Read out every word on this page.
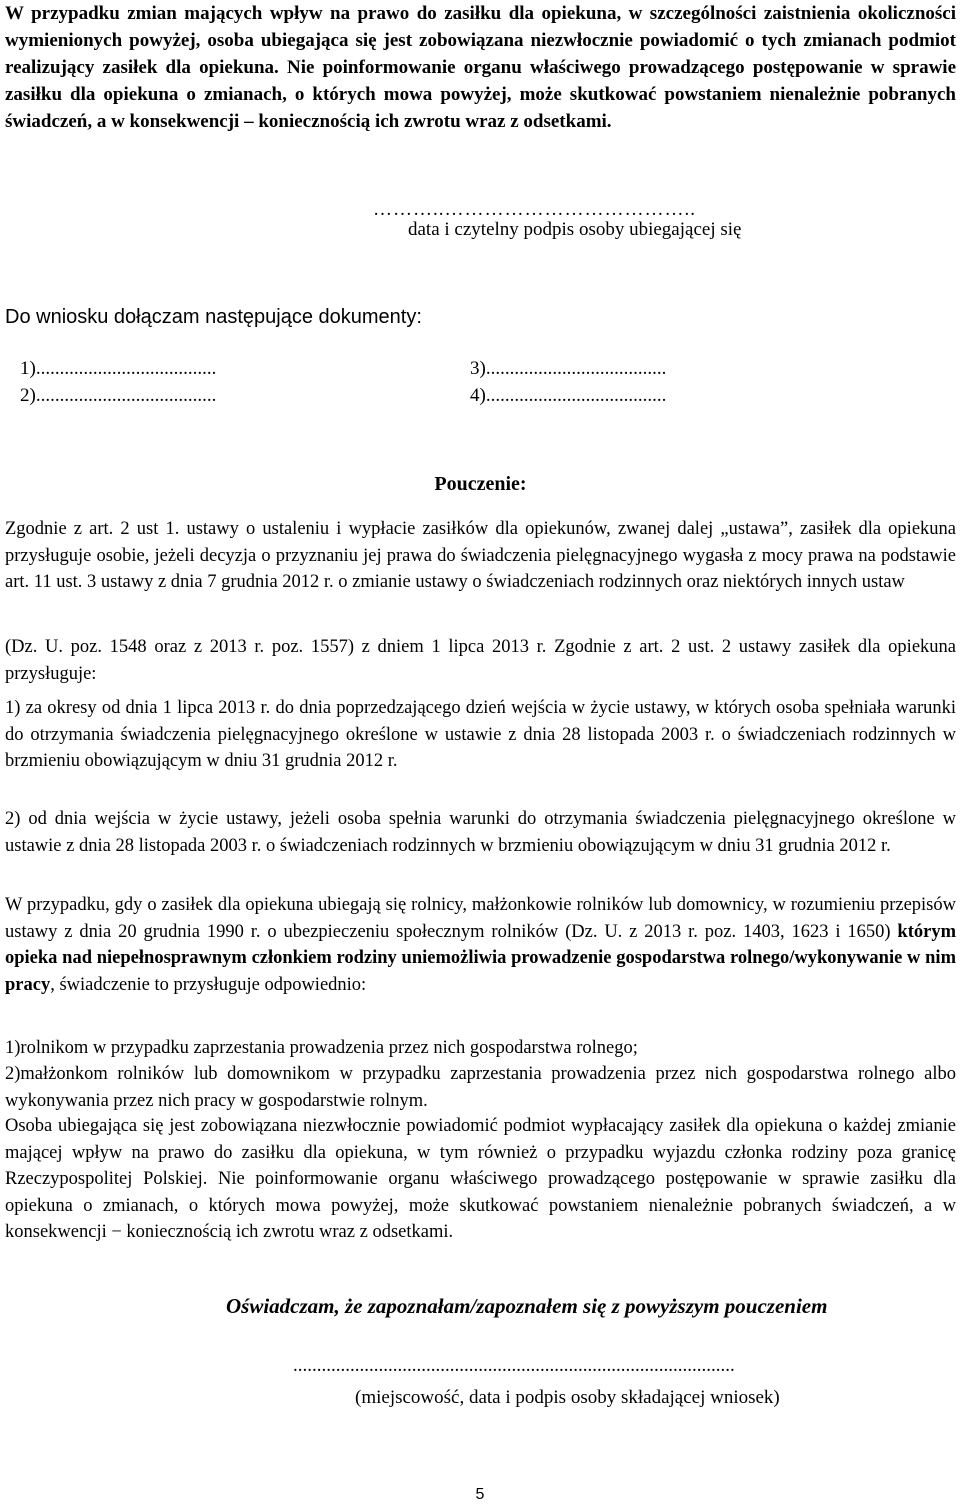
W przypadku zmian mających wpływ na prawo do zasiłku dla opiekuna, w szczególności zaistnienia okoliczności wymienionych powyżej, osoba ubiegająca się jest zobowiązana niezwłocznie powiadomić o tych zmianach podmiot realizujący zasiłek dla opiekuna. Nie poinformowanie organu właściwego prowadzącego postępowanie w sprawie zasiłku dla opiekuna o zmianach, o których mowa powyżej, może skutkować powstaniem nienależnie pobranych świadczeń, a w konsekwencji – koniecznością ich zwrotu wraz z odsetkami.

………..………………………………..
data i czytelny podpis osoby ubiegającej się
Do wniosku dołączam następujące dokumenty:
1)......................................
2)......................................
3)......................................
4)......................................
Pouczenie:

Zgodnie z art. 2 ust 1. ustawy o ustaleniu i wypłacie zasiłków dla opiekunów, zwanej dalej „ustawa”, zasiłek dla opiekuna przysługuje osobie, jeżeli decyzja o przyznaniu jej prawa do świadczenia pielęgnacyjnego wygasła z mocy prawa na podstawie art. 11 ust. 3 ustawy z dnia 7 grudnia 2012 r. o zmianie ustawy o świadczeniach rodzinnych oraz niektórych innych ustaw

(Dz. U. poz. 1548 oraz z 2013 r. poz. 1557) z dniem 1 lipca 2013 r. Zgodnie z art. 2 ust. 2 ustawy zasiłek dla opiekuna przysługuje:

1) za okresy od dnia 1 lipca 2013 r. do dnia poprzedzającego dzień wejścia w życie ustawy, w których osoba spełniała warunki do otrzymania świadczenia pielęgnacyjnego określone w ustawie z dnia 28 listopada 2003 r. o świadczeniach rodzinnych w brzmieniu obowiązującym w dniu 31 grudnia 2012 r.

2) od dnia wejścia w życie ustawy, jeżeli osoba spełnia warunki do otrzymania świadczenia pielęgnacyjnego określone w ustawie z dnia 28 listopada 2003 r. o świadczeniach rodzinnych w brzmieniu obowiązującym w dniu 31 grudnia 2012 r.

W przypadku, gdy o zasiłek dla opiekuna ubiegają się rolnicy, małżonkowie rolników lub domownicy, w rozumieniu przepisów ustawy z dnia 20 grudnia 1990 r. o ubezpieczeniu społecznym rolników (Dz. U. z 2013 r. poz. 1403, 1623 i 1650) którym opieka nad niepełnosprawnym członkiem rodziny uniemożliwia prowadzenie gospodarstwa rolnego/wykonywanie w nim pracy, świadczenie to przysługuje odpowiednio:

1)rolnikom w przypadku zaprzestania prowadzenia przez nich gospodarstwa rolnego;

2)małżonkom rolników lub domownikom w przypadku zaprzestania prowadzenia przez nich gospodarstwa rolnego albo wykonywania przez nich pracy w gospodarstwie rolnym.

Osoba ubiegająca się jest zobowiązana niezwłocznie powiadomić podmiot wypłacający zasiłek dla opiekuna o każdej zmianie mającej wpływ na prawo do zasiłku dla opiekuna, w tym również o przypadku wyjazdu członka rodziny poza granicę Rzeczypospolitej Polskiej. Nie poinformowanie organu właściwego prowadzącego postępowanie w sprawie zasiłku dla opiekuna o zmianach, o których mowa powyżej, może skutkować powstaniem nienależnie pobranych świadczeń, a w konsekwencji − koniecznością ich zwrotu wraz z odsetkami.

Oświadczam, że zapoznałam/zapoznałem się z powyższym pouczeniem
.............................................................................................
(miejscowość, data i podpis osoby składającej wniosek)
5
